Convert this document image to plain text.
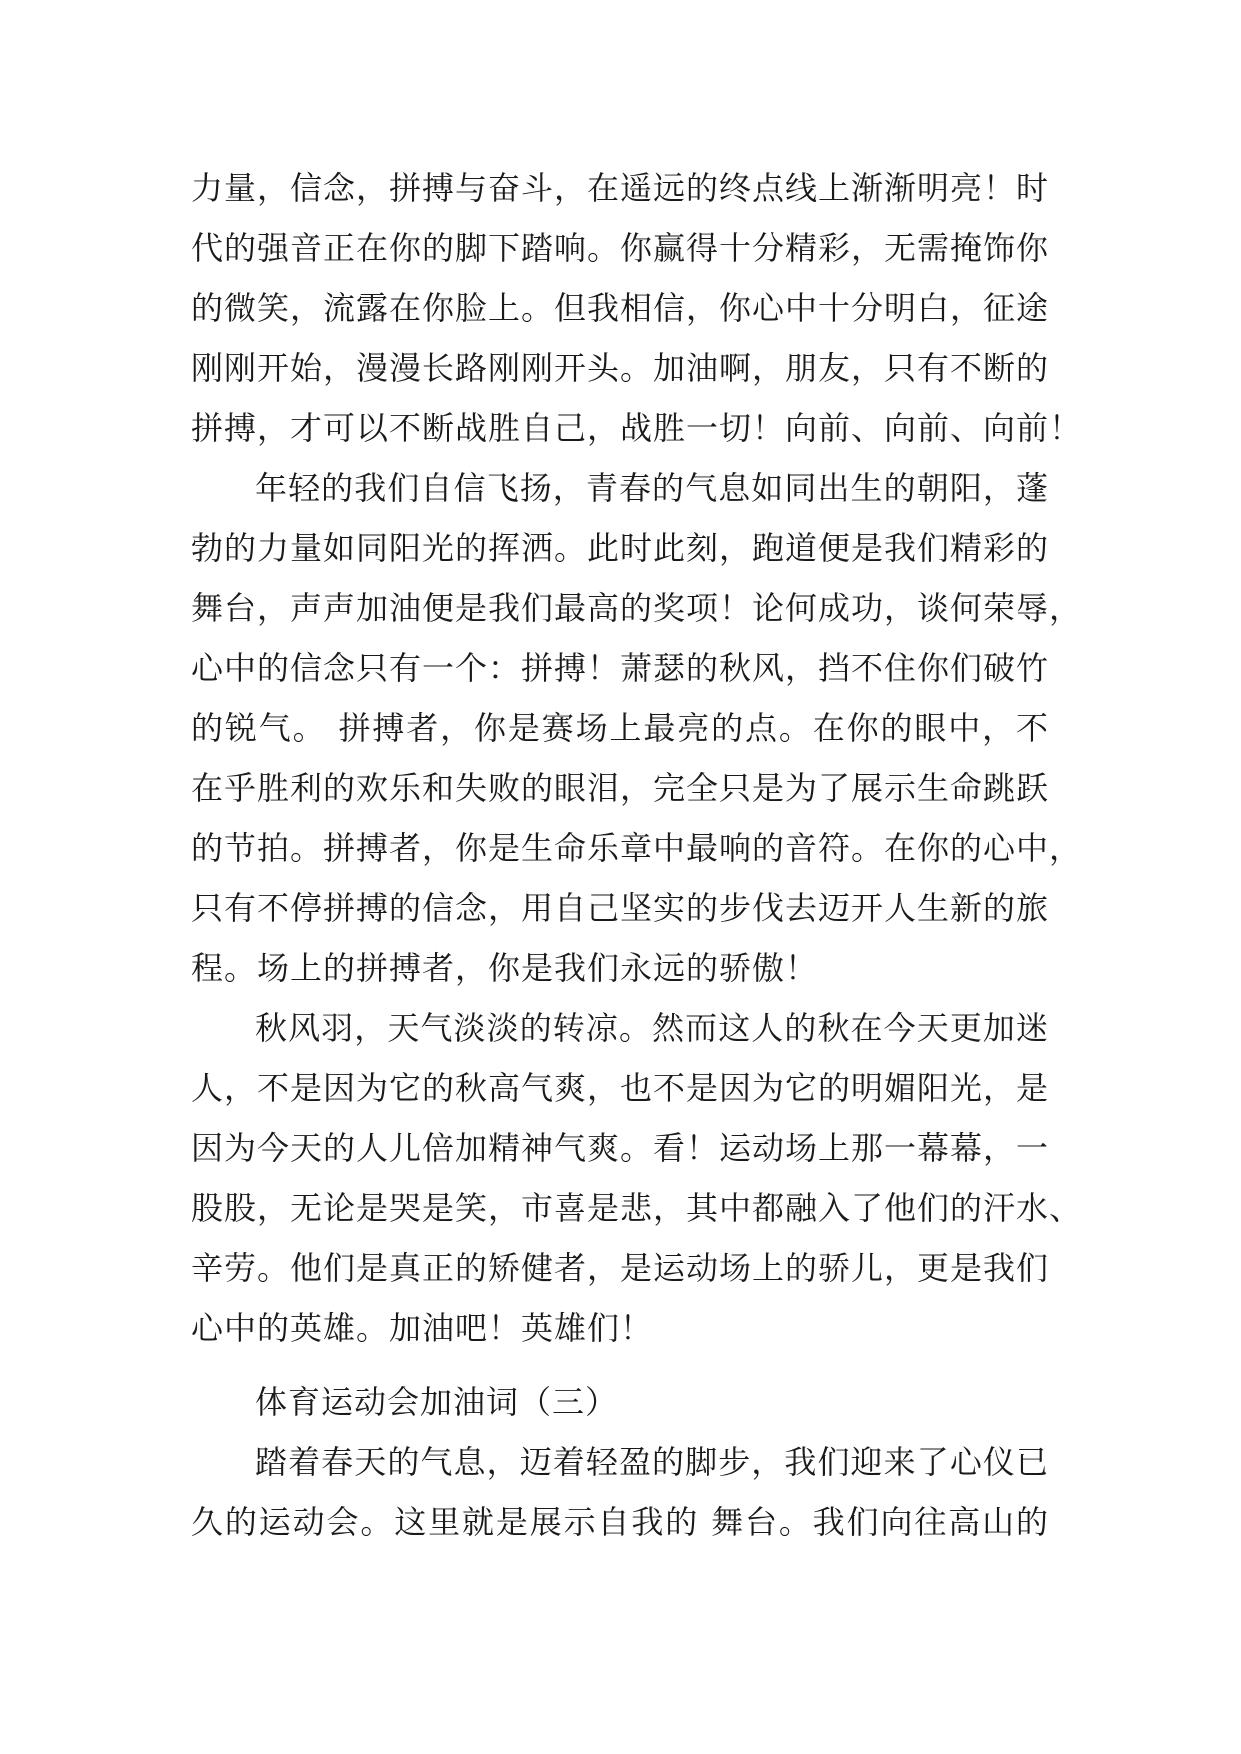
力量，信念，拼搏与奋斗，在遥远的终点线上渐渐明亮！时
代的强音正在你的脚下踏响。你赢得十分精彩，无需掩饰你
的微笑，流露在你脸上。但我相信，你心中十分明白，征途
刚刚开始，漫漫长路刚刚开头。加油啊，朋友，只有不断的
拼搏，才可以不断战胜自己，战胜一切！向前、向前、向前！
年轻的我们自信飞扬，青春的气息如同出生的朝阳，蓬
勃的力量如同阳光的挥洒。此时此刻，跑道便是我们精彩的
舞台，声声加油便是我们最高的奖项！论何成功，谈何荣辱，
心中的信念只有一个：拼搏！萧瑟的秋风，挡不住你们破竹
的锐气。 拼搏者，你是赛场上最亮的点。在你的眼中，不
在乎胜利的欢乐和失败的眼泪，完全只是为了展示生命跳跃
的节拍。拼搏者，你是生命乐章中最响的音符。在你的心中，
只有不停拼搏的信念，用自己坚实的步伐去迈开人生新的旅
程。场上的拼搏者，你是我们永远的骄傲！
秋风羽，天气淡淡的转凉。然而这人的秋在今天更加迷
人，不是因为它的秋高气爽，也不是因为它的明媚阳光，是
因为今天的人儿倍加精神气爽。看！运动场上那一幕幕，一
股股，无论是哭是笑，市喜是悲，其中都融入了他们的汗水、
辛劳。他们是真正的矫健者，是运动场上的骄儿，更是我们
心中的英雄。加油吧！英雄们！
体育运动会加油词（三）
踏着春天的气息，迈着轻盈的脚步，我们迎来了心仪已
久的运动会。这里就是展示自我的 舞台。我们向往高山的
